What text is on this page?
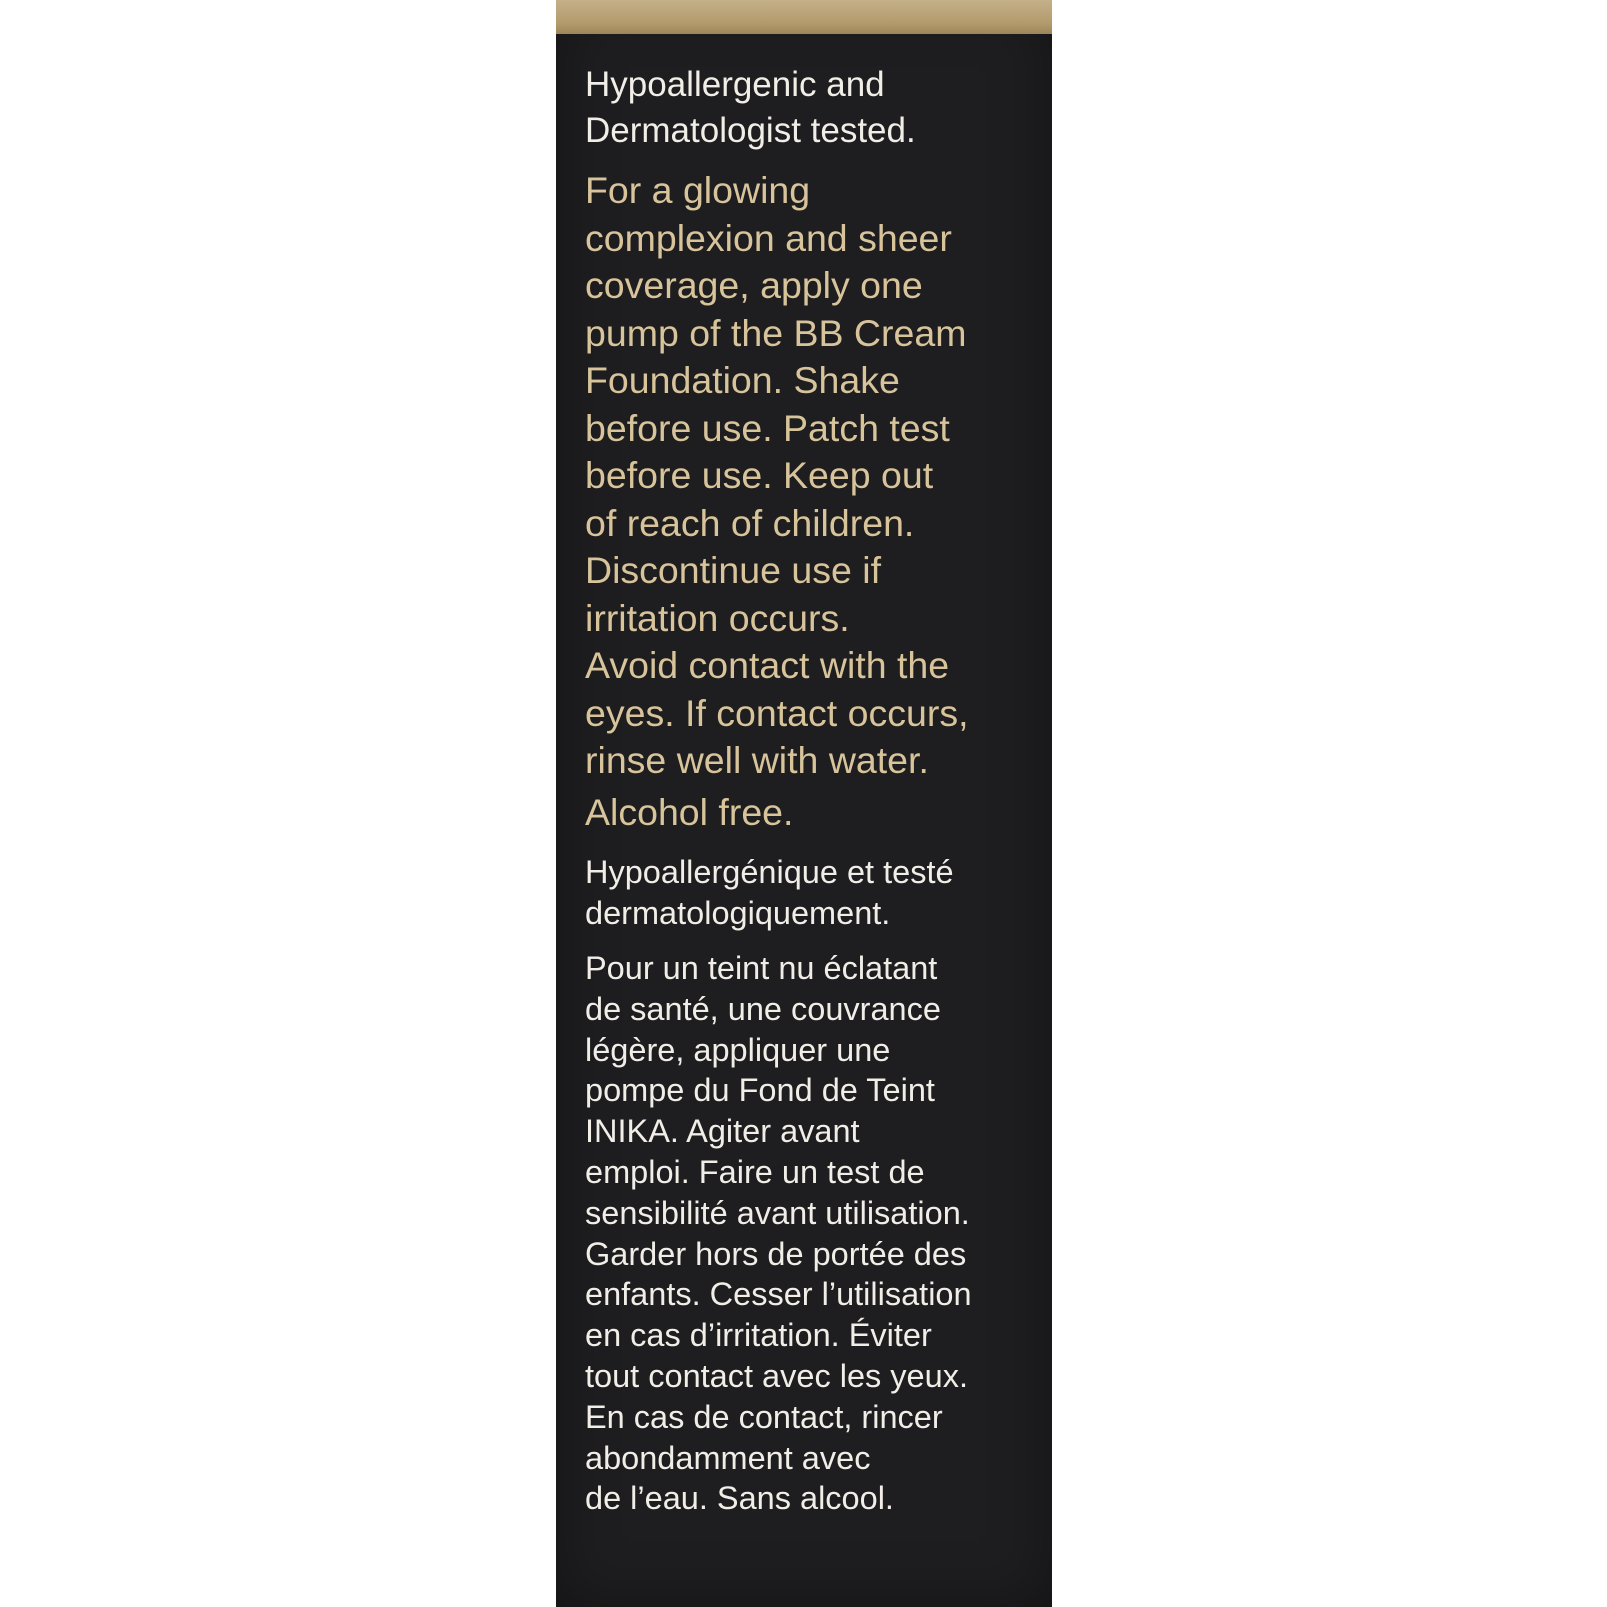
Hypoallergenic and
Dermatologist tested.

For a glowing
complexion and sheer
coverage, apply one
pump of the BB Cream
Foundation. Shake
before use. Patch test
before use. Keep out
of reach of children.
Discontinue use if
irritation occurs.
Avoid contact with the
eyes. If contact occurs,
rinse well with water.

Alcohol free.

Hypoallergénique et testé
dermatologiquement.

Pour un teint nu éclatant
de santé, une couvrance
légère, appliquer une
pompe du Fond de Teint
INIKA. Agiter avant
emploi. Faire un test de
sensibilité avant utilisation.
Garder hors de portée des
enfants. Cesser l’utilisation
en cas d’irritation. Éviter
tout contact avec les yeux.
En cas de contact, rincer
abondamment avec
de l’eau. Sans alcool.
